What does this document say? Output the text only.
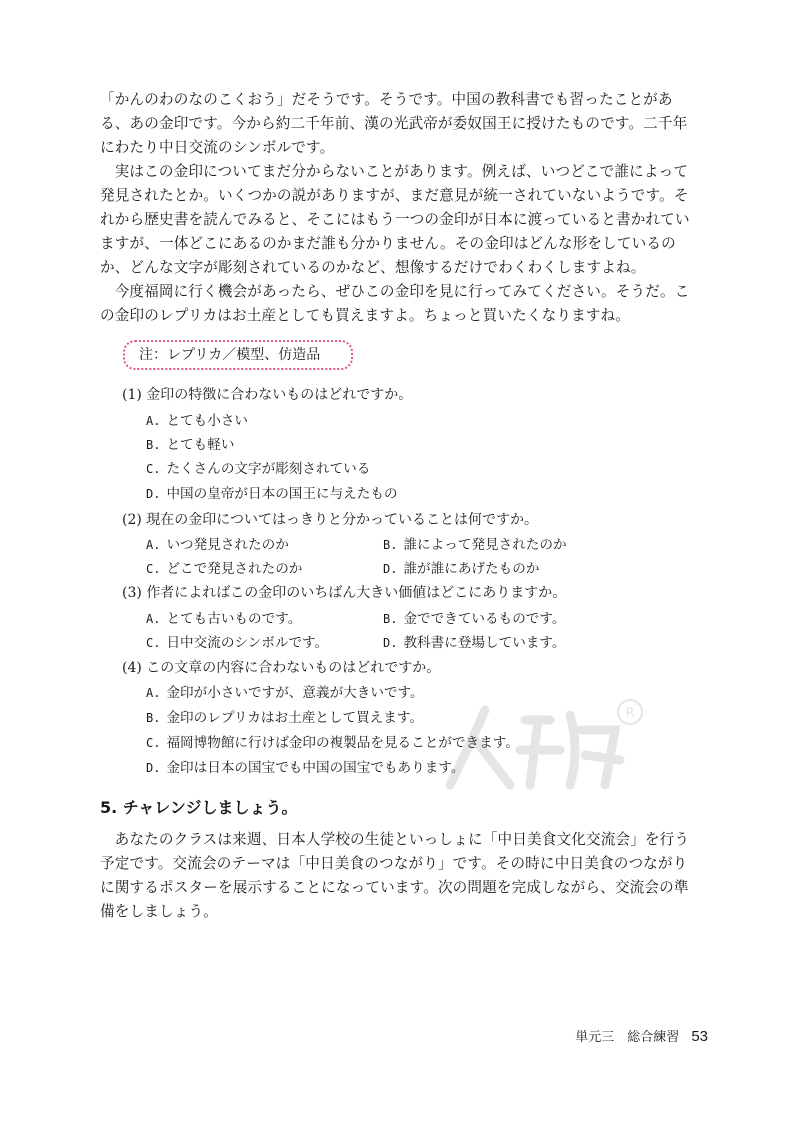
「かんのわのなのこくおう」だそうです。そうです。中国の教科書でも習ったことがある、あの金印です。今から約二千年前、漢の光武帝が委奴国王に授けたものです。二千年にわたり中日交流のシンボルです。

実はこの金印についてまだ分からないことがあります。例えば、いつどこで誰によって発見されたとか。いくつかの説がありますが、まだ意見が統一されていないようです。それから歴史書を読んでみると、そこにはもう一つの金印が日本に渡っていると書かれていますが、一体どこにあるのかまだ誰も分かりません。その金印はどんな形をしているのか、どんな文字が彫刻されているのかなど、想像するだけでわくわくしますよね。

今度福岡に行く機会があったら、ぜひこの金印を見に行ってみてください。そうだ。この金印のレプリカはお土産としても買えますよ。ちょっと買いたくなりますね。

注：レプリカ／模型、仿造品
(1) 金印の特徴に合わないものはどれですか。
A. とても小さい
B. とても軽い
C. たくさんの文字が彫刻されている
D. 中国の皇帝が日本の国王に与えたもの
(2) 現在の金印についてはっきりと分かっていることは何ですか。
A. いつ発見されたのか	B. 誰によって発見されたのか
C. どこで発見されたのか	D. 誰が誰にあげたものか
(3) 作者によればこの金印のいちばん大きい価値はどこにありますか。
A. とても古いものです。	B. 金でできているものです。
C. 日中交流のシンボルです。	D. 教科書に登場しています。
(4) この文章の内容に合わないものはどれですか。
A. 金印が小さいですが、意義が大きいです。
B. 金印のレプリカはお土産として買えます。
C. 福岡博物館に行けば金印の複製品を見ることができます。
D. 金印は日本の国宝でも中国の国宝でもあります。
R
5. チャレンジしましょう。

あなたのクラスは来週、日本人学校の生徒といっしょに「中日美食文化交流会」を行う予定です。交流会のテーマは「中日美食のつながり」です。その時に中日美食のつながりに関するポスターを展示することになっています。次の問題を完成しながら、交流会の準備をしましょう。

単元三　総合練習 53
